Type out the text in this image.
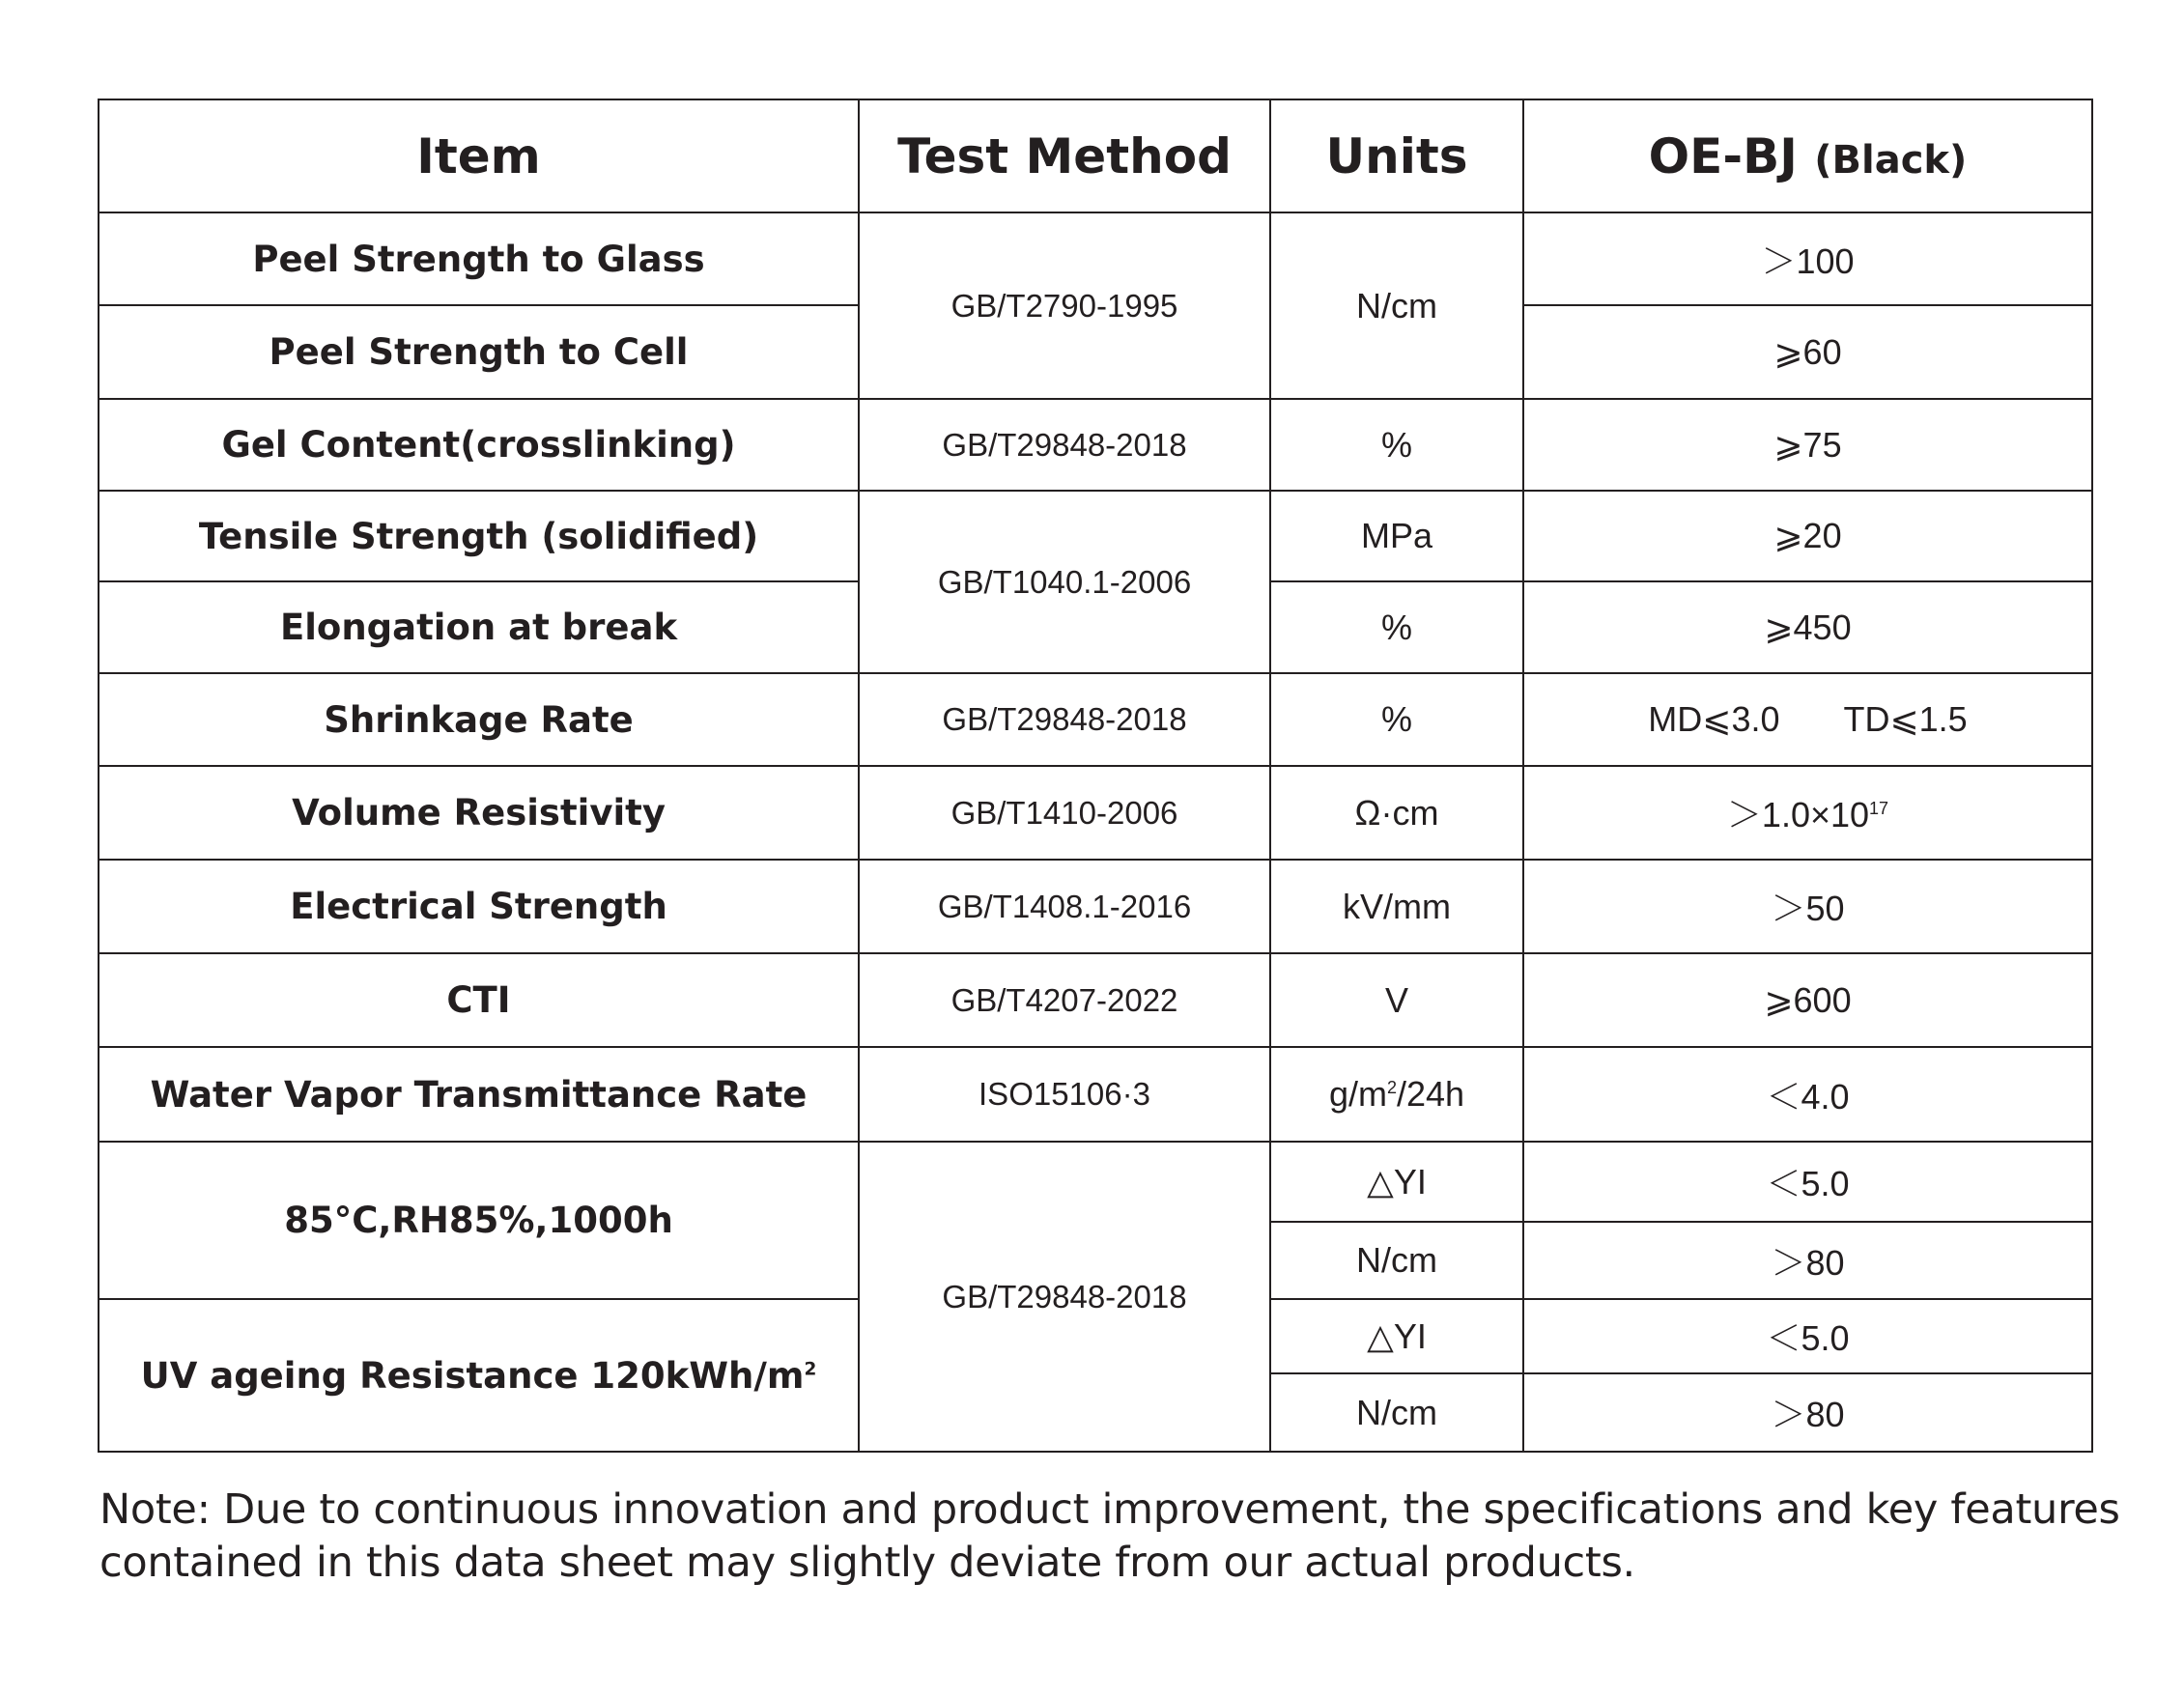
Item	Test Method	Units	OE-BJ (Black)
Peel Strength to Glass	GB/T2790-1995	N/cm	＞100
Peel Strength to Cell			⩾60
Gel Content(crosslinking)	GB/T29848-2018	%	⩾75
Tensile Strength (solidified)	GB/T1040.1-2006	MPa	⩾20
Elongation at break		%	⩾450
Shrinkage Rate	GB/T29848-2018	%	MD⩽3.0 TD⩽1.5
Volume Resistivity	GB/T1410-2006	Ω·cm	$>1.0\times 10^{17}$
Electrical Strength	GB/T1408.1-2016	kV/mm	＞50
CTI	GB/T4207-2022	V	⩾600
Water Vapor Transmittance Rate	ISO15106·3	$g/m^2/24h$	＜4.0
85°C,RH85%,1000h	GB/T29848-2018	△YI	＜5.0
		N/cm	＞80
UV ageing Resistance $120kWh/m^2$		△YI	＜5.0
		N/cm	＞80

Note: Due to continuous innovation and product improvement, the specifications and key features
contained in this data sheet may slightly deviate from our actual products.
